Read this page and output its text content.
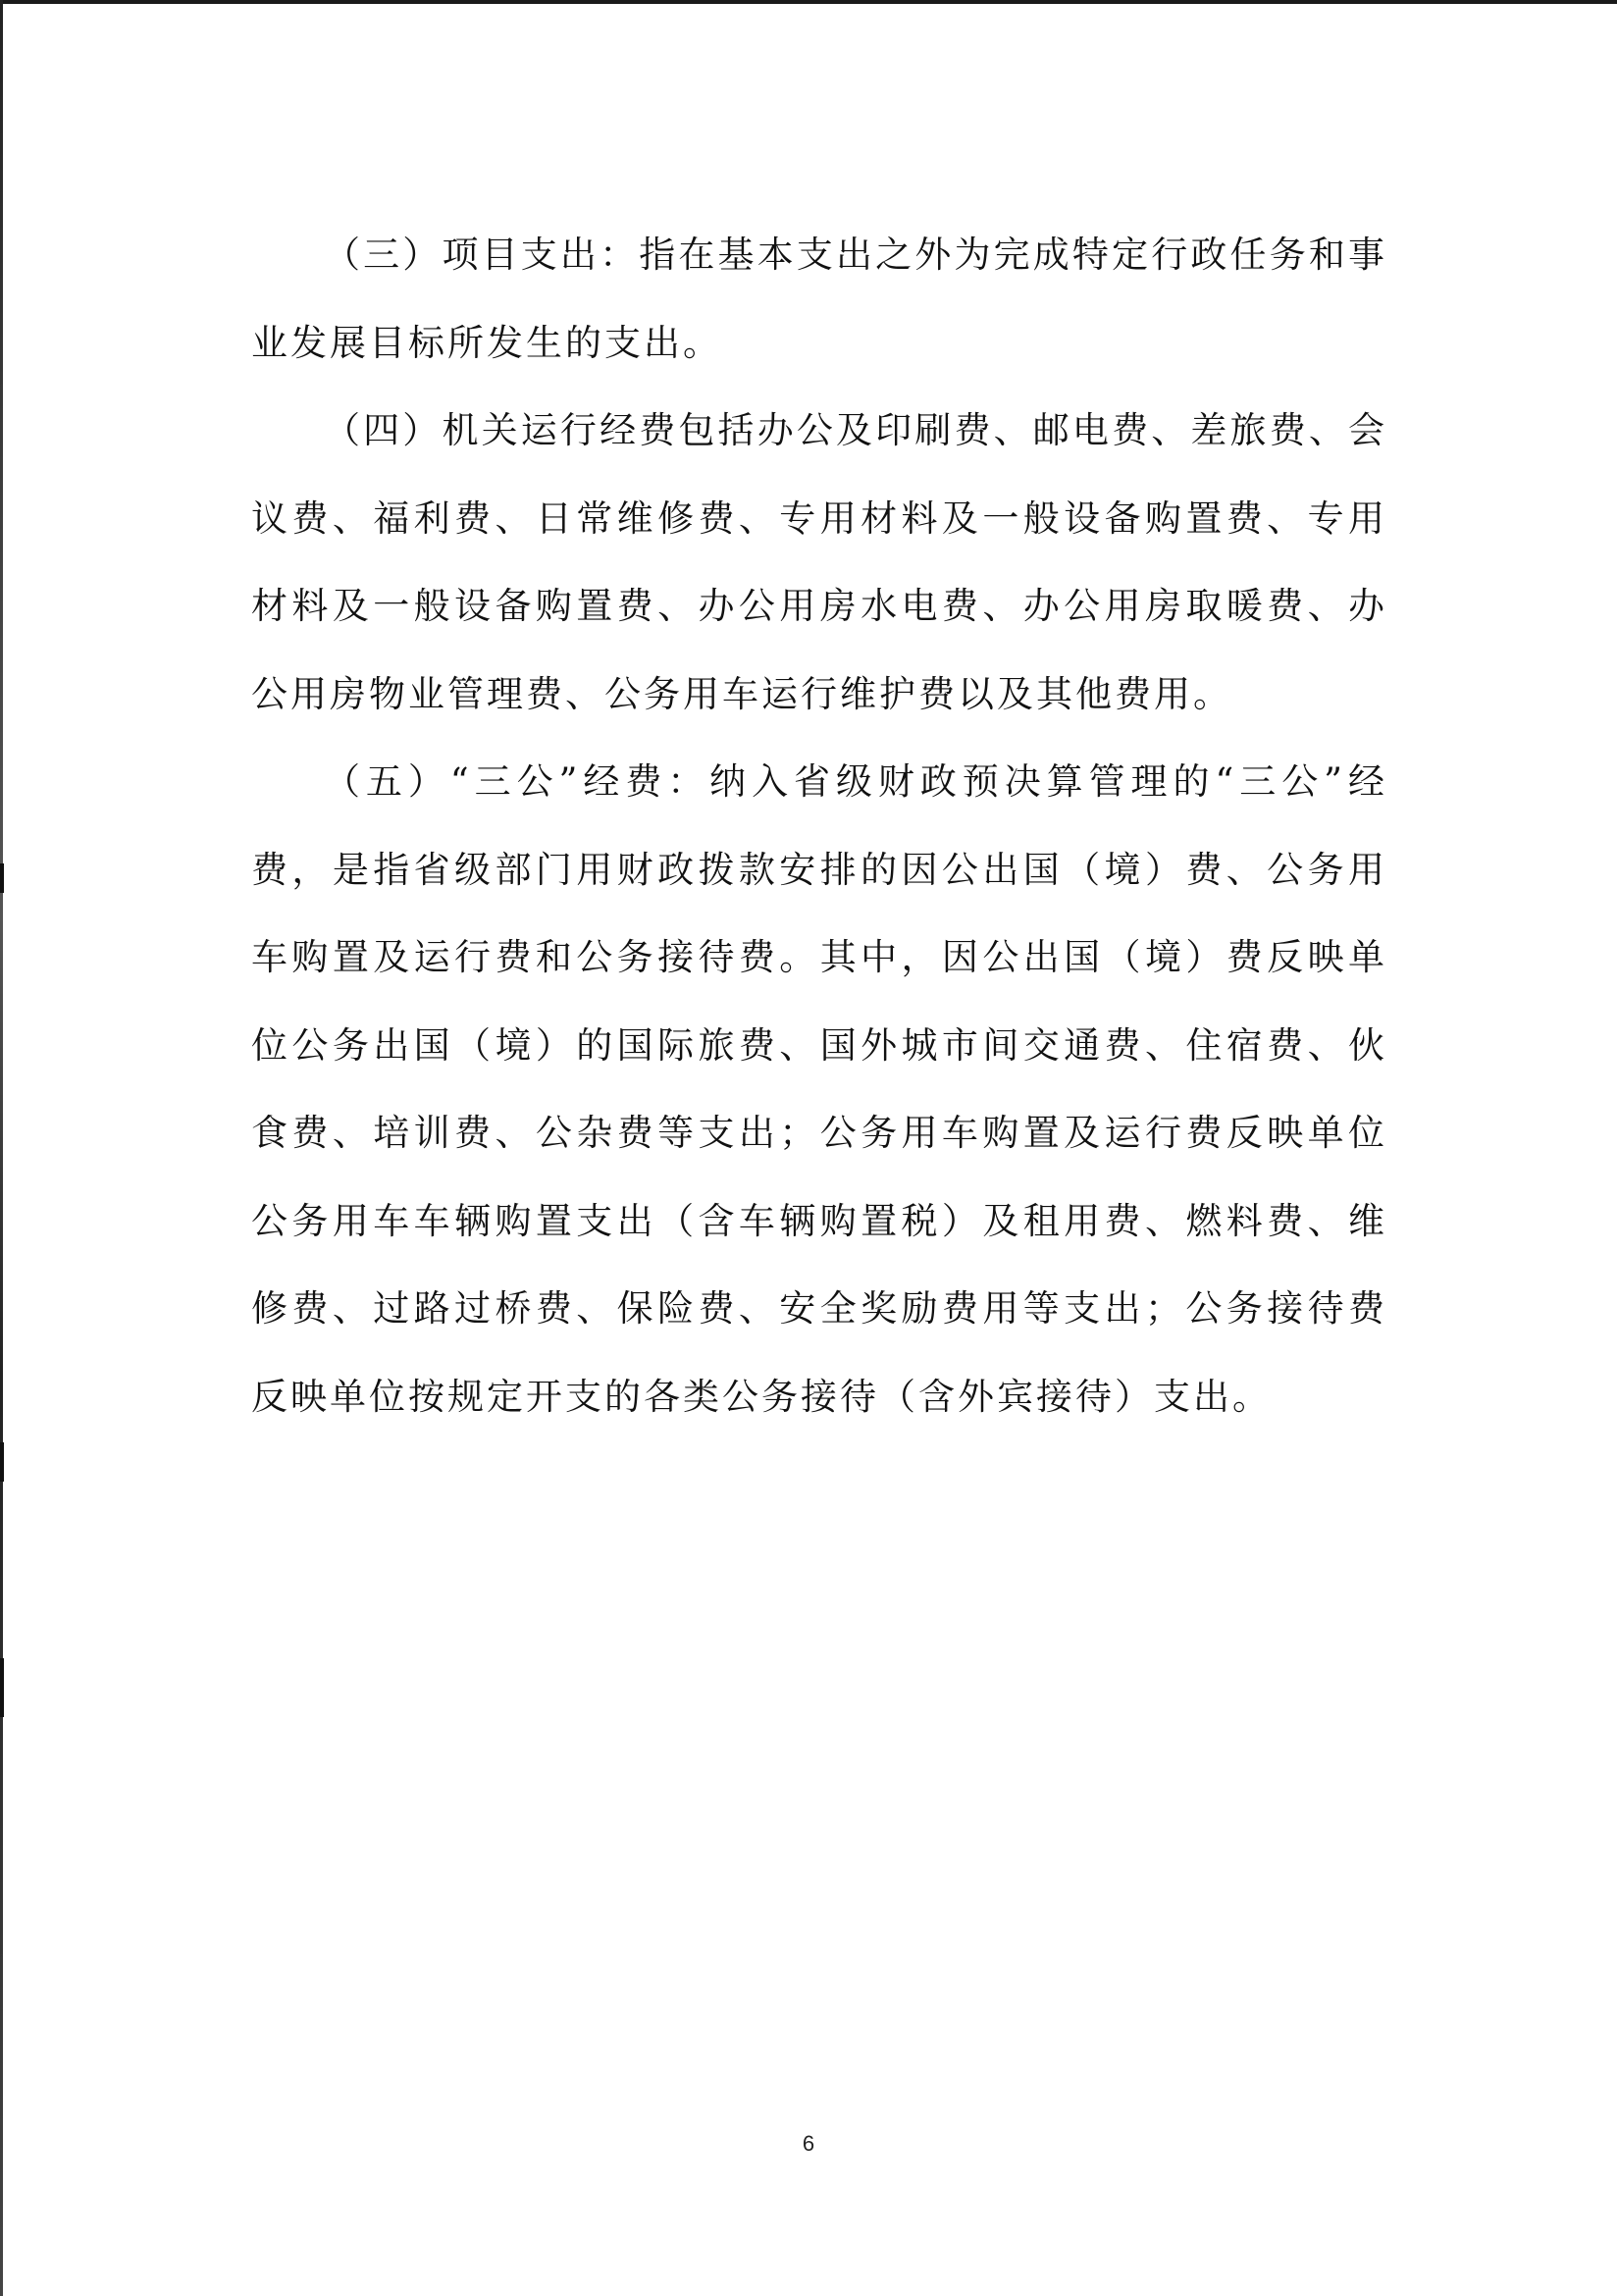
（三）项目支出：指在基本支出之外为完成特定行政任务和事业发展目标所发生的支出。

（四）机关运行经费包括办公及印刷费、邮电费、差旅费、会议费、福利费、日常维修费、专用材料及一般设备购置费、专用材料及一般设备购置费、办公用房水电费、办公用房取暖费、办公用房物业管理费、公务用车运行维护费以及其他费用。

（五）“三公”经费：纳入省级财政预决算管理的“三公”经费，是指省级部门用财政拨款安排的因公出国（境）费、公务用车购置及运行费和公务接待费。其中，因公出国（境）费反映单位公务出国（境）的国际旅费、国外城市间交通费、住宿费、伙食费、培训费、公杂费等支出；公务用车购置及运行费反映单位公务用车车辆购置支出（含车辆购置税）及租用费、燃料费、维修费、过路过桥费、保险费、安全奖励费用等支出；公务接待费反映单位按规定开支的各类公务接待（含外宾接待）支出。

6
